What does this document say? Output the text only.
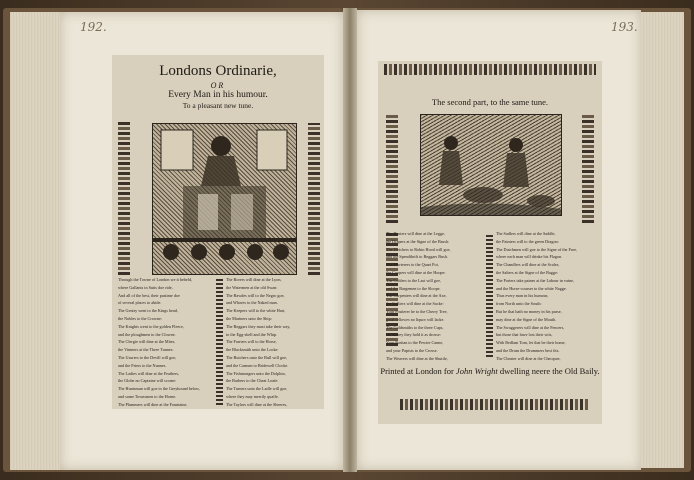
192.	193.
Londons Ordinarie,
OR
Every Man in his humour.
To a pleasant new tune.

Through the Towne of London we it beheld,

where Gallants in Suits doe ride,

And all of the best, their pastime doe

of several places to abide.

The Gentry went to the Kings head,

the Nobles to the Crowne:

The Knights went to the golden Fleece,

and the ploughmen to the Clowne.

The Clergie will dine at the Miter,

the Vintners at the Three Tunnes:

The Usurers to the Devill will goe,

and the Friers to the Nunnes.

The Ladies will dine at the Feathers,

the Globe no Captaine will scorne:

The Huntsman will goe to the Greyhound below,

and some Townsmen to the Horne.

The Plummers will dine at the Fountaine,

The Rorers will dine at the Lyon,

the Watermen at the old Swan:

The Bawdes will to the Negro goe,

and Whores to the Naked man.

The Keepers will to the white Hart,

the Mariners unto the Ship:

The Beggars they must take their way,

to the Egg-shell and the Whip.

The Farriers will to the Horse,

the Blacksmith unto the Locke:

The Butchers unto the Bull will goe,

and the Carmen to Bridewell Clocke.

The Fishmongers unto the Dolphin,

the Barbers to the Cheat Loafe:

The Turners unto the Ladle will goe,

where they may merrily quaffe.

The Taylors will dine at the Sheeres,

The second part, to the same tune.

The Hosiers will dine at the Legge,

the Drapers at the Signe of the Brush:

The Fletchers to Robin Hood will goe,

and the Spendthrift to Beggars Bush.

The Pewterers to the Quart Pot,

the Coopers will dine at the Hoope:

The Coblers to the Last will goe,

and the Bargemen to the Sloope.

The Carpenters will dine at the Axe,

the Colliers will dine at the Sacke:

Your Fruiterer he to the Cherry Tree,

good fellowes no liquor will lacke.

The Goldsmiths to the three Cups,

for money they hold it as drosse:

Your Puritan to the Pewter Canne,

and your Papists to the Crosse.

The Weavers will dine at the Shuttle,

The Sadlers will dine at the Saddle,

the Painters will to the green Dragon:

The Dutchmen will goe to the Signe of the Froe,

where each man will drinke his Flagon.

The Chandlers will dine at the Scales,

the Salters at the Signe of the Bagge:

The Porters take paines at the Labour in vaine,

and the Horse-courser to the white Nagge.

Thus every man in his humour,

from North unto the South:

But he that hath no money in his purse,

may dine at the Signe of the Mouth.

The Swaggerers will dine at the Fencers,

but those that have lost their wits,

With Bedlam Tom, let that be their home,

and the Drum the Drummers best fits.

The Cheater will dine at the Checquer,

Printed at London for John Wright dwelling neere the Old Baily.
